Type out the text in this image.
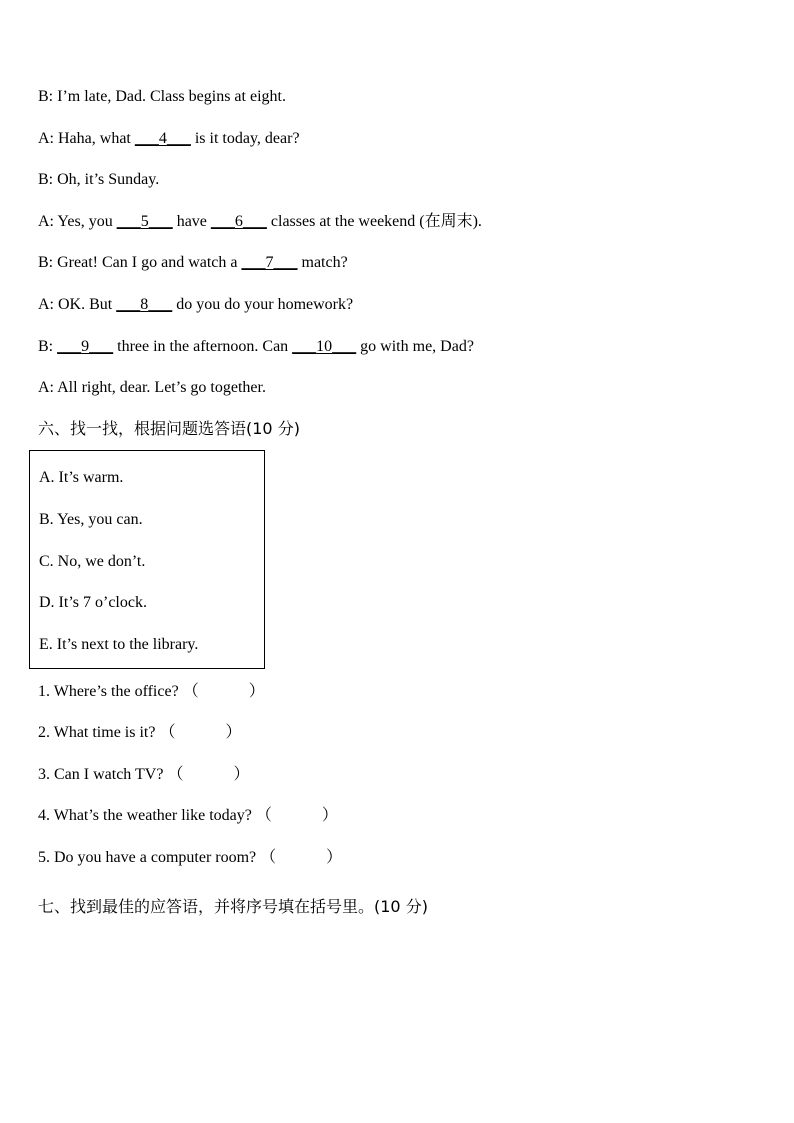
B: I’m late, Dad. Class begins at eight.
A: Haha, what ___4___ is it today, dear?
B: Oh, it’s Sunday.
A: Yes, you ___5___ have ___6___ classes at the weekend (在周末).
B: Great! Can I go and watch a ___7___ match?
A: OK. But ___8___ do you do your homework?
B: ___9___ three in the afternoon. Can ___10___ go with me, Dad?
A: All right, dear. Let’s go together.
六、找一找，根据问题选答语(10 分)
A. It’s warm.
B. Yes, you can.
C. No, we don’t.
D. It’s 7 o’clock.
E. It’s next to the library.
1. Where’s the office? （	）
2. What time is it? （	）
3. Can I watch TV? （	）
4. What’s the weather like today? （	）
5. Do you have a computer room? （	）
七、找到最佳的应答语，并将序号填在括号里。(10 分)
